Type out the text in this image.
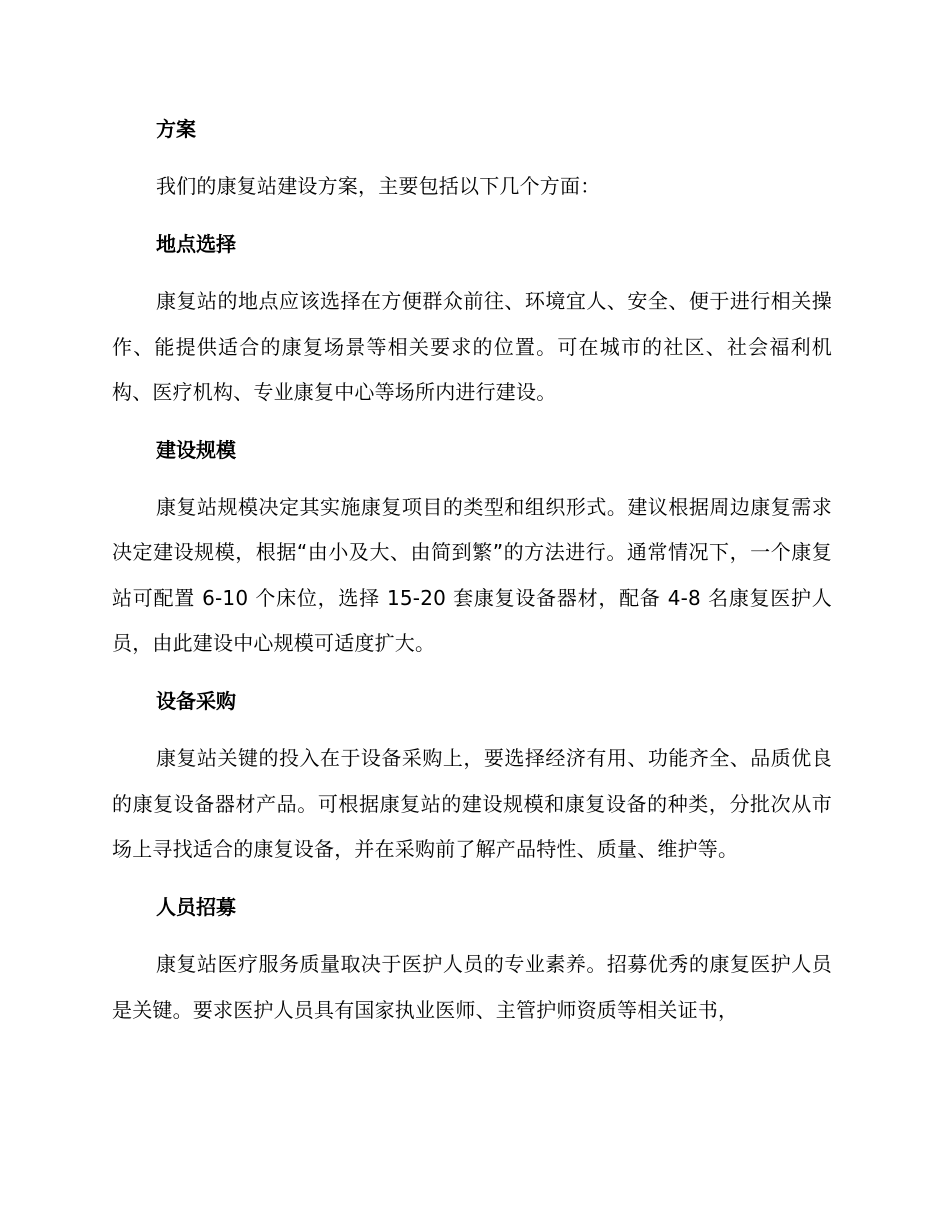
方案

我们的康复站建设方案，主要包括以下几个方面：

地点选择

康复站的地点应该选择在方便群众前往、环境宜人、安全、便于进行相关操作、能提供适合的康复场景等相关要求的位置。可在城市的社区、社会福利机构、医疗机构、专业康复中心等场所内进行建设。

建设规模

康复站规模决定其实施康复项目的类型和组织形式。建议根据周边康复需求决定建设规模，根据“由小及大、由简到繁”的方法进行。通常情况下，一个康复站可配置 6-10 个床位，选择 15-20 套康复设备器材，配备 4-8 名康复医护人员，由此建设中心规模可适度扩大。

设备采购

康复站关键的投入在于设备采购上，要选择经济有用、功能齐全、品质优良的康复设备器材产品。可根据康复站的建设规模和康复设备的种类，分批次从市场上寻找适合的康复设备，并在采购前了解产品特性、质量、维护等。

人员招募

康复站医疗服务质量取决于医护人员的专业素养。招募优秀的康复医护人员是关键。要求医护人员具有国家执业医师、主管护师资质等相关证书，
